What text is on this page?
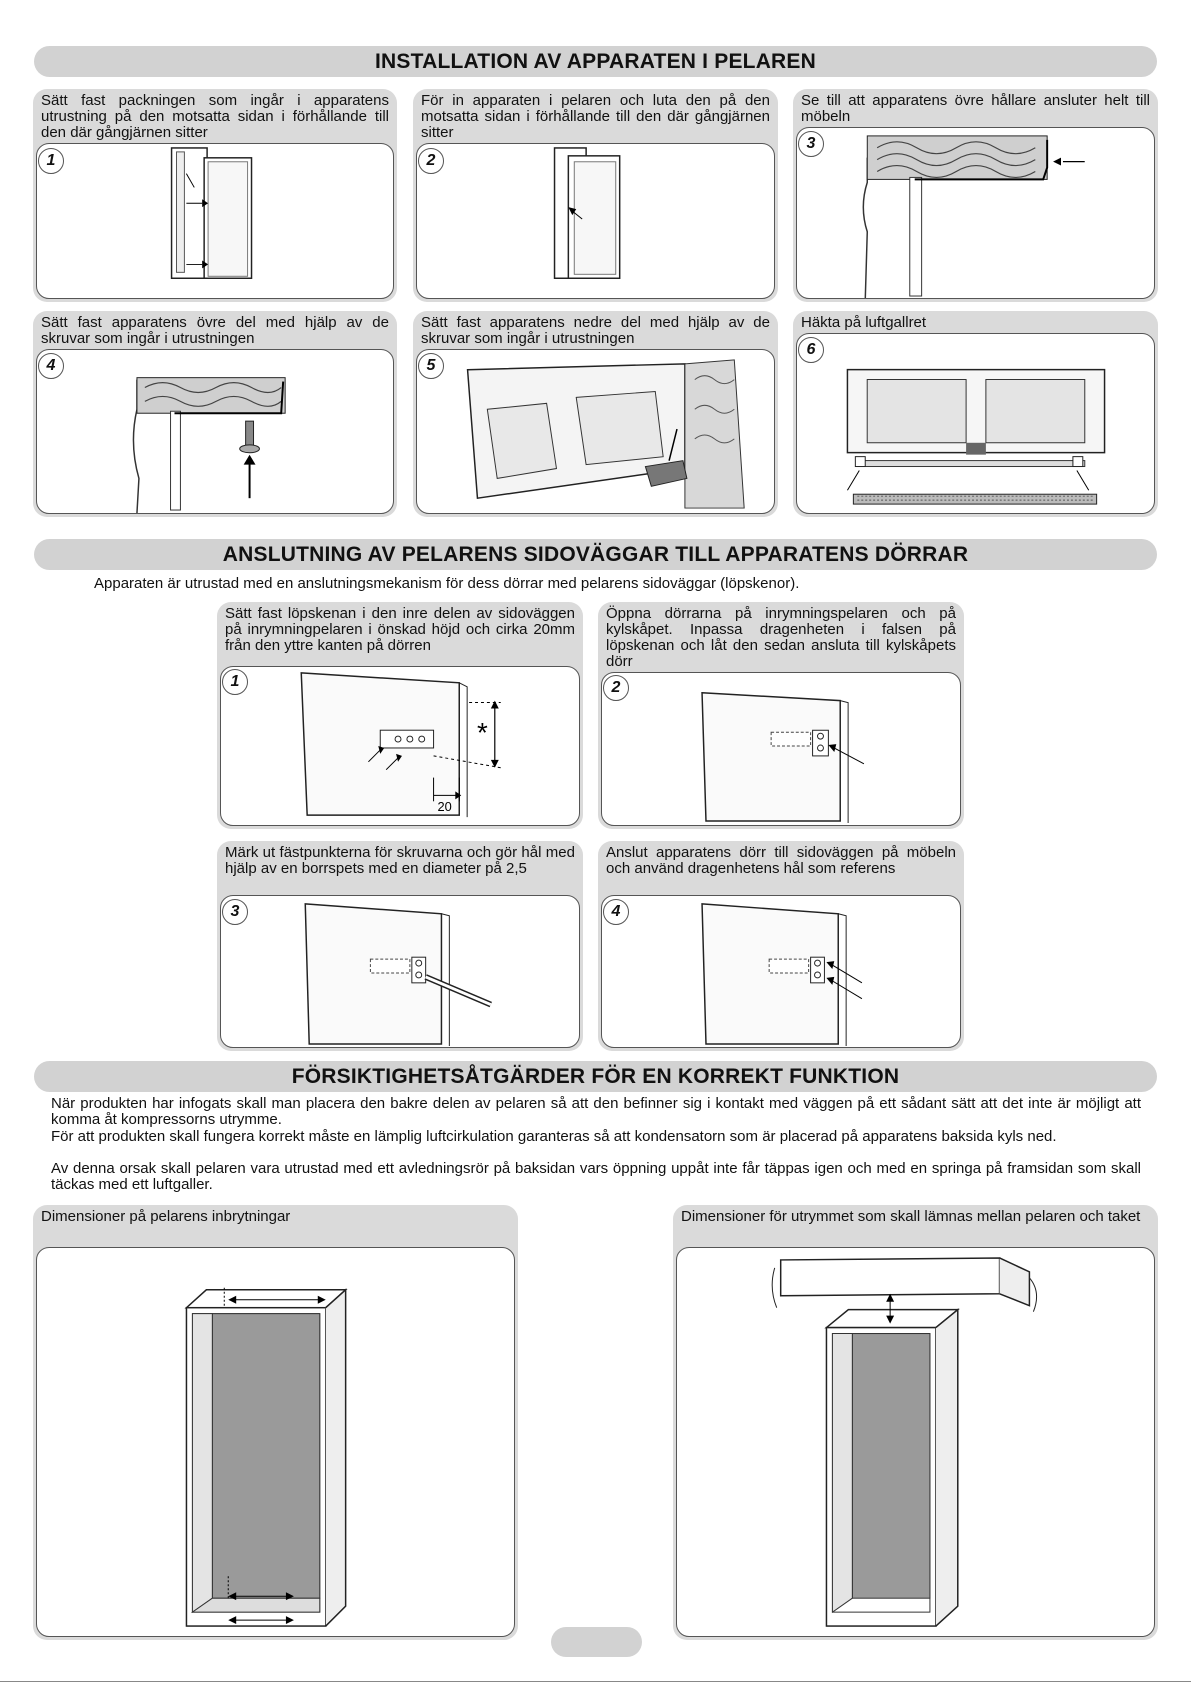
INSTALLATION AV APPARATEN I PELAREN
Sätt fast packningen som ingår i apparatens utrustning på den motsatta sidan i förhållande till den där gångjärnen sitter
1
För in apparaten i pelaren och luta den på den motsatta sidan i förhållande till den där gångjärnen sitter
2
Se till att apparatens övre hållare ansluter helt till möbeln
3
Sätt fast apparatens övre del med hjälp av de skruvar som ingår i utrustningen
4
Sätt fast apparatens nedre del med hjälp av de skruvar som ingår i utrustningen
5
Häkta på luftgallret
6
ANSLUTNING AV PELARENS SIDOVÄGGAR TILL APPARATENS DÖRRAR
Apparaten är utrustad med en anslutningsmekanism för dess dörrar med pelarens sidoväggar (löpskenor).
Sätt fast löpskenan i den inre delen av sidoväggen på inrymningpelaren i önskad höjd och cirka 20mm från den yttre kanten på dörren
*
20
1
Öppna dörrarna på inrymningspelaren och på kylskåpet. Inpassa dragenheten i falsen på löpskenan och låt den sedan ansluta till kylskåpets dörr
2
Märk ut fästpunkterna för skruvarna och gör hål med hjälp av en borrspets med en diameter på 2,5
3
Anslut apparatens dörr till sidoväggen på möbeln och använd dragenhetens hål som referens
4
FÖRSIKTIGHETSÅTGÄRDER FÖR EN KORREKT FUNKTION
När produkten har infogats skall man placera den bakre delen av pelaren så att den befinner sig i kontakt med väggen på ett sådant sätt att det inte är möjligt att komma åt kompressorns utrymme.
För att produkten skall fungera korrekt måste en lämplig luftcirkulation garanteras så att kondensatorn som är placerad på apparatens baksida kyls ned.
Av denna orsak skall pelaren vara utrustad med ett avledningsrör på baksidan vars öppning uppåt inte får täppas igen och med en springa på framsidan som skall täckas med ett luftgaller.
Dimensioner på pelarens inbrytningar	Dimensioner för utrymmet som skall lämnas mellan pelaren och taket
